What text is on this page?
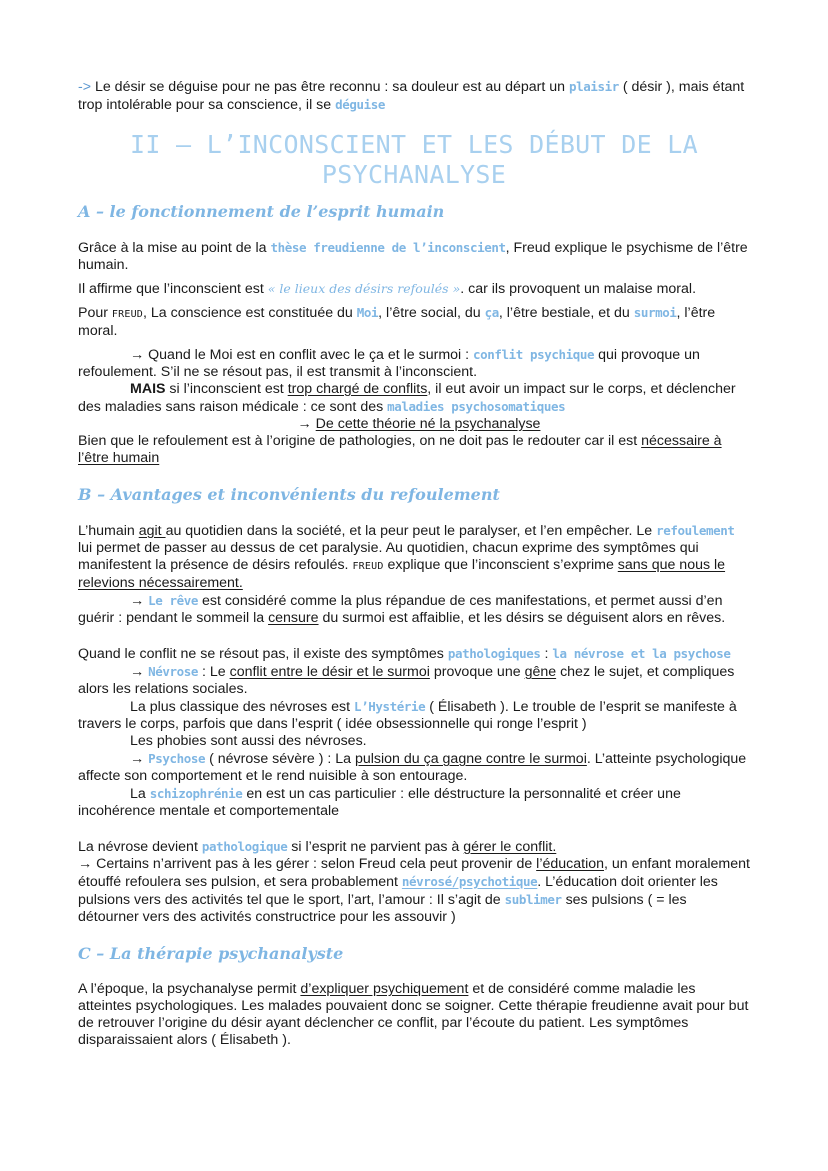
-> Le désir se déguise pour ne pas être reconnu : sa douleur est au départ un plaisir ( désir ), mais étant trop intolérable pour sa conscience, il se déguise

II – L’INCONSCIENT ET LES DÉBUT DE LA PSYCHANALYSE
A – le fonctionnement de l’esprit humain

Grâce à la mise au point de la thèse freudienne de l’inconscient, Freud explique le psychisme de l’être humain.

Il affirme que l’inconscient est « le lieux des désirs refoulés ». car ils provoquent un malaise moral.

Pour FREUD, La conscience est constituée du Moi, l’être social, du ça, l’être bestiale, et du surmoi, l’être moral.

→ Quand le Moi est en conflit avec le ça et le surmoi : conflit psychique qui provoque un refoulement. S’il ne se résout pas, il est transmit à l’inconscient.

MAIS si l’inconscient est trop chargé de conflits, il eut avoir un impact sur le corps, et déclencher des maladies sans raison médicale : ce sont des maladies psychosomatiques

→ De cette théorie né la psychanalyse

Bien que le refoulement est à l’origine de pathologies, on ne doit pas le redouter car il est nécessaire à l’être humain

B – Avantages et inconvénients du refoulement

L’humain agit au quotidien dans la société, et la peur peut le paralyser, et l’en empêcher. Le refoulement lui permet de passer au dessus de cet paralysie. Au quotidien, chacun exprime des symptômes qui manifestent la présence de désirs refoulés. FREUD explique que l’inconscient s’exprime sans que nous le relevions nécessairement.

→ Le rêve est considéré comme la plus répandue de ces manifestations, et permet aussi d’en guérir : pendant le sommeil la censure du surmoi est affaiblie, et les désirs se déguisent alors en rêves.

Quand le conflit ne se résout pas, il existe des symptômes pathologiques : la névrose et la psychose

→ Névrose : Le conflit entre le désir et le surmoi provoque une gêne chez le sujet, et compliques alors les relations sociales.

La plus classique des névroses est L’Hystérie ( Élisabeth ). Le trouble de l’esprit se manifeste à travers le corps, parfois que dans l’esprit ( idée obsessionnelle qui ronge l’esprit )

Les phobies sont aussi des névroses.

→ Psychose ( névrose sévère ) : La pulsion du ça gagne contre le surmoi. L’atteinte psychologique affecte son comportement et le rend nuisible à son entourage.

La schizophrénie en est un cas particulier : elle déstructure la personnalité et créer une incohérence mentale et comportementale

La névrose devient pathologique si l’esprit ne parvient pas à gérer le conflit.

→ Certains n’arrivent pas à les gérer : selon Freud cela peut provenir de l’éducation, un enfant moralement étouffé refoulera ses pulsion, et sera probablement névrosé/psychotique. L’éducation doit orienter les pulsions vers des activités tel que le sport, l’art, l’amour : Il s’agit de sublimer ses pulsions ( = les détourner vers des activités constructrice pour les assouvir )

C – La thérapie psychanalyste

A l’époque, la psychanalyse permit d’expliquer psychiquement et de considéré comme maladie les atteintes psychologiques. Les malades pouvaient donc se soigner. Cette thérapie freudienne avait pour but de retrouver l’origine du désir ayant déclencher ce conflit, par l’écoute du patient. Les symptômes disparaissaient alors ( Élisabeth ).
